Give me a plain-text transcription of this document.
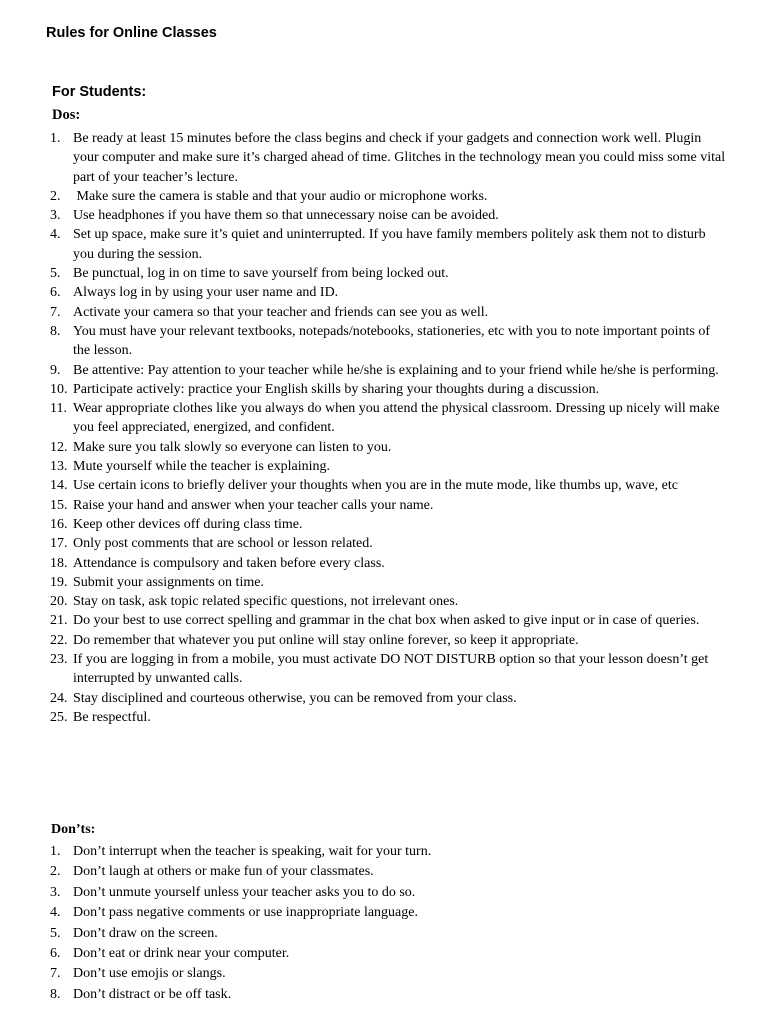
Rules for Online Classes
For Students:
Dos:
1. Be ready at least 15 minutes before the class begins and check if your gadgets and connection work well. Plugin your computer and make sure it’s charged ahead of time. Glitches in the technology mean you could miss some vital part of your teacher’s lecture.
2. Make sure the camera is stable and that your audio or microphone works.
3. Use headphones if you have them so that unnecessary noise can be avoided.
4. Set up space, make sure it’s quiet and uninterrupted. If you have family members politely ask them not to disturb you during the session.
5. Be punctual, log in on time to save yourself from being locked out.
6. Always log in by using your user name and ID.
7. Activate your camera so that your teacher and friends can see you as well.
8. You must have your relevant textbooks, notepads/notebooks, stationeries, etc with you to note important points of the lesson.
9. Be attentive: Pay attention to your teacher while he/she is explaining and to your friend while he/she is performing.
10. Participate actively: practice your English skills by sharing your thoughts during a discussion.
11. Wear appropriate clothes like you always do when you attend the physical classroom. Dressing up nicely will make you feel appreciated, energized, and confident.
12. Make sure you talk slowly so everyone can listen to you.
13. Mute yourself while the teacher is explaining.
14. Use certain icons to briefly deliver your thoughts when you are in the mute mode, like thumbs up, wave, etc
15. Raise your hand and answer when your teacher calls your name.
16. Keep other devices off during class time.
17. Only post comments that are school or lesson related.
18. Attendance is compulsory and taken before every class.
19. Submit your assignments on time.
20. Stay on task, ask topic related specific questions, not irrelevant ones.
21. Do your best to use correct spelling and grammar in the chat box when asked to give input or in case of queries.
22. Do remember that whatever you put online will stay online forever, so keep it appropriate.
23. If you are logging in from a mobile, you must activate DO NOT DISTURB option so that your lesson doesn’t get interrupted by unwanted calls.
24. Stay disciplined and courteous otherwise, you can be removed from your class.
25. Be respectful.
Don’ts:
1. Don’t interrupt when the teacher is speaking, wait for your turn.
2. Don’t laugh at others or make fun of your classmates.
3. Don’t unmute yourself unless your teacher asks you to do so.
4. Don’t pass negative comments or use inappropriate language.
5. Don’t draw on the screen.
6. Don’t eat or drink near your computer.
7. Don’t use emojis or slangs.
8. Don’t distract or be off task.
